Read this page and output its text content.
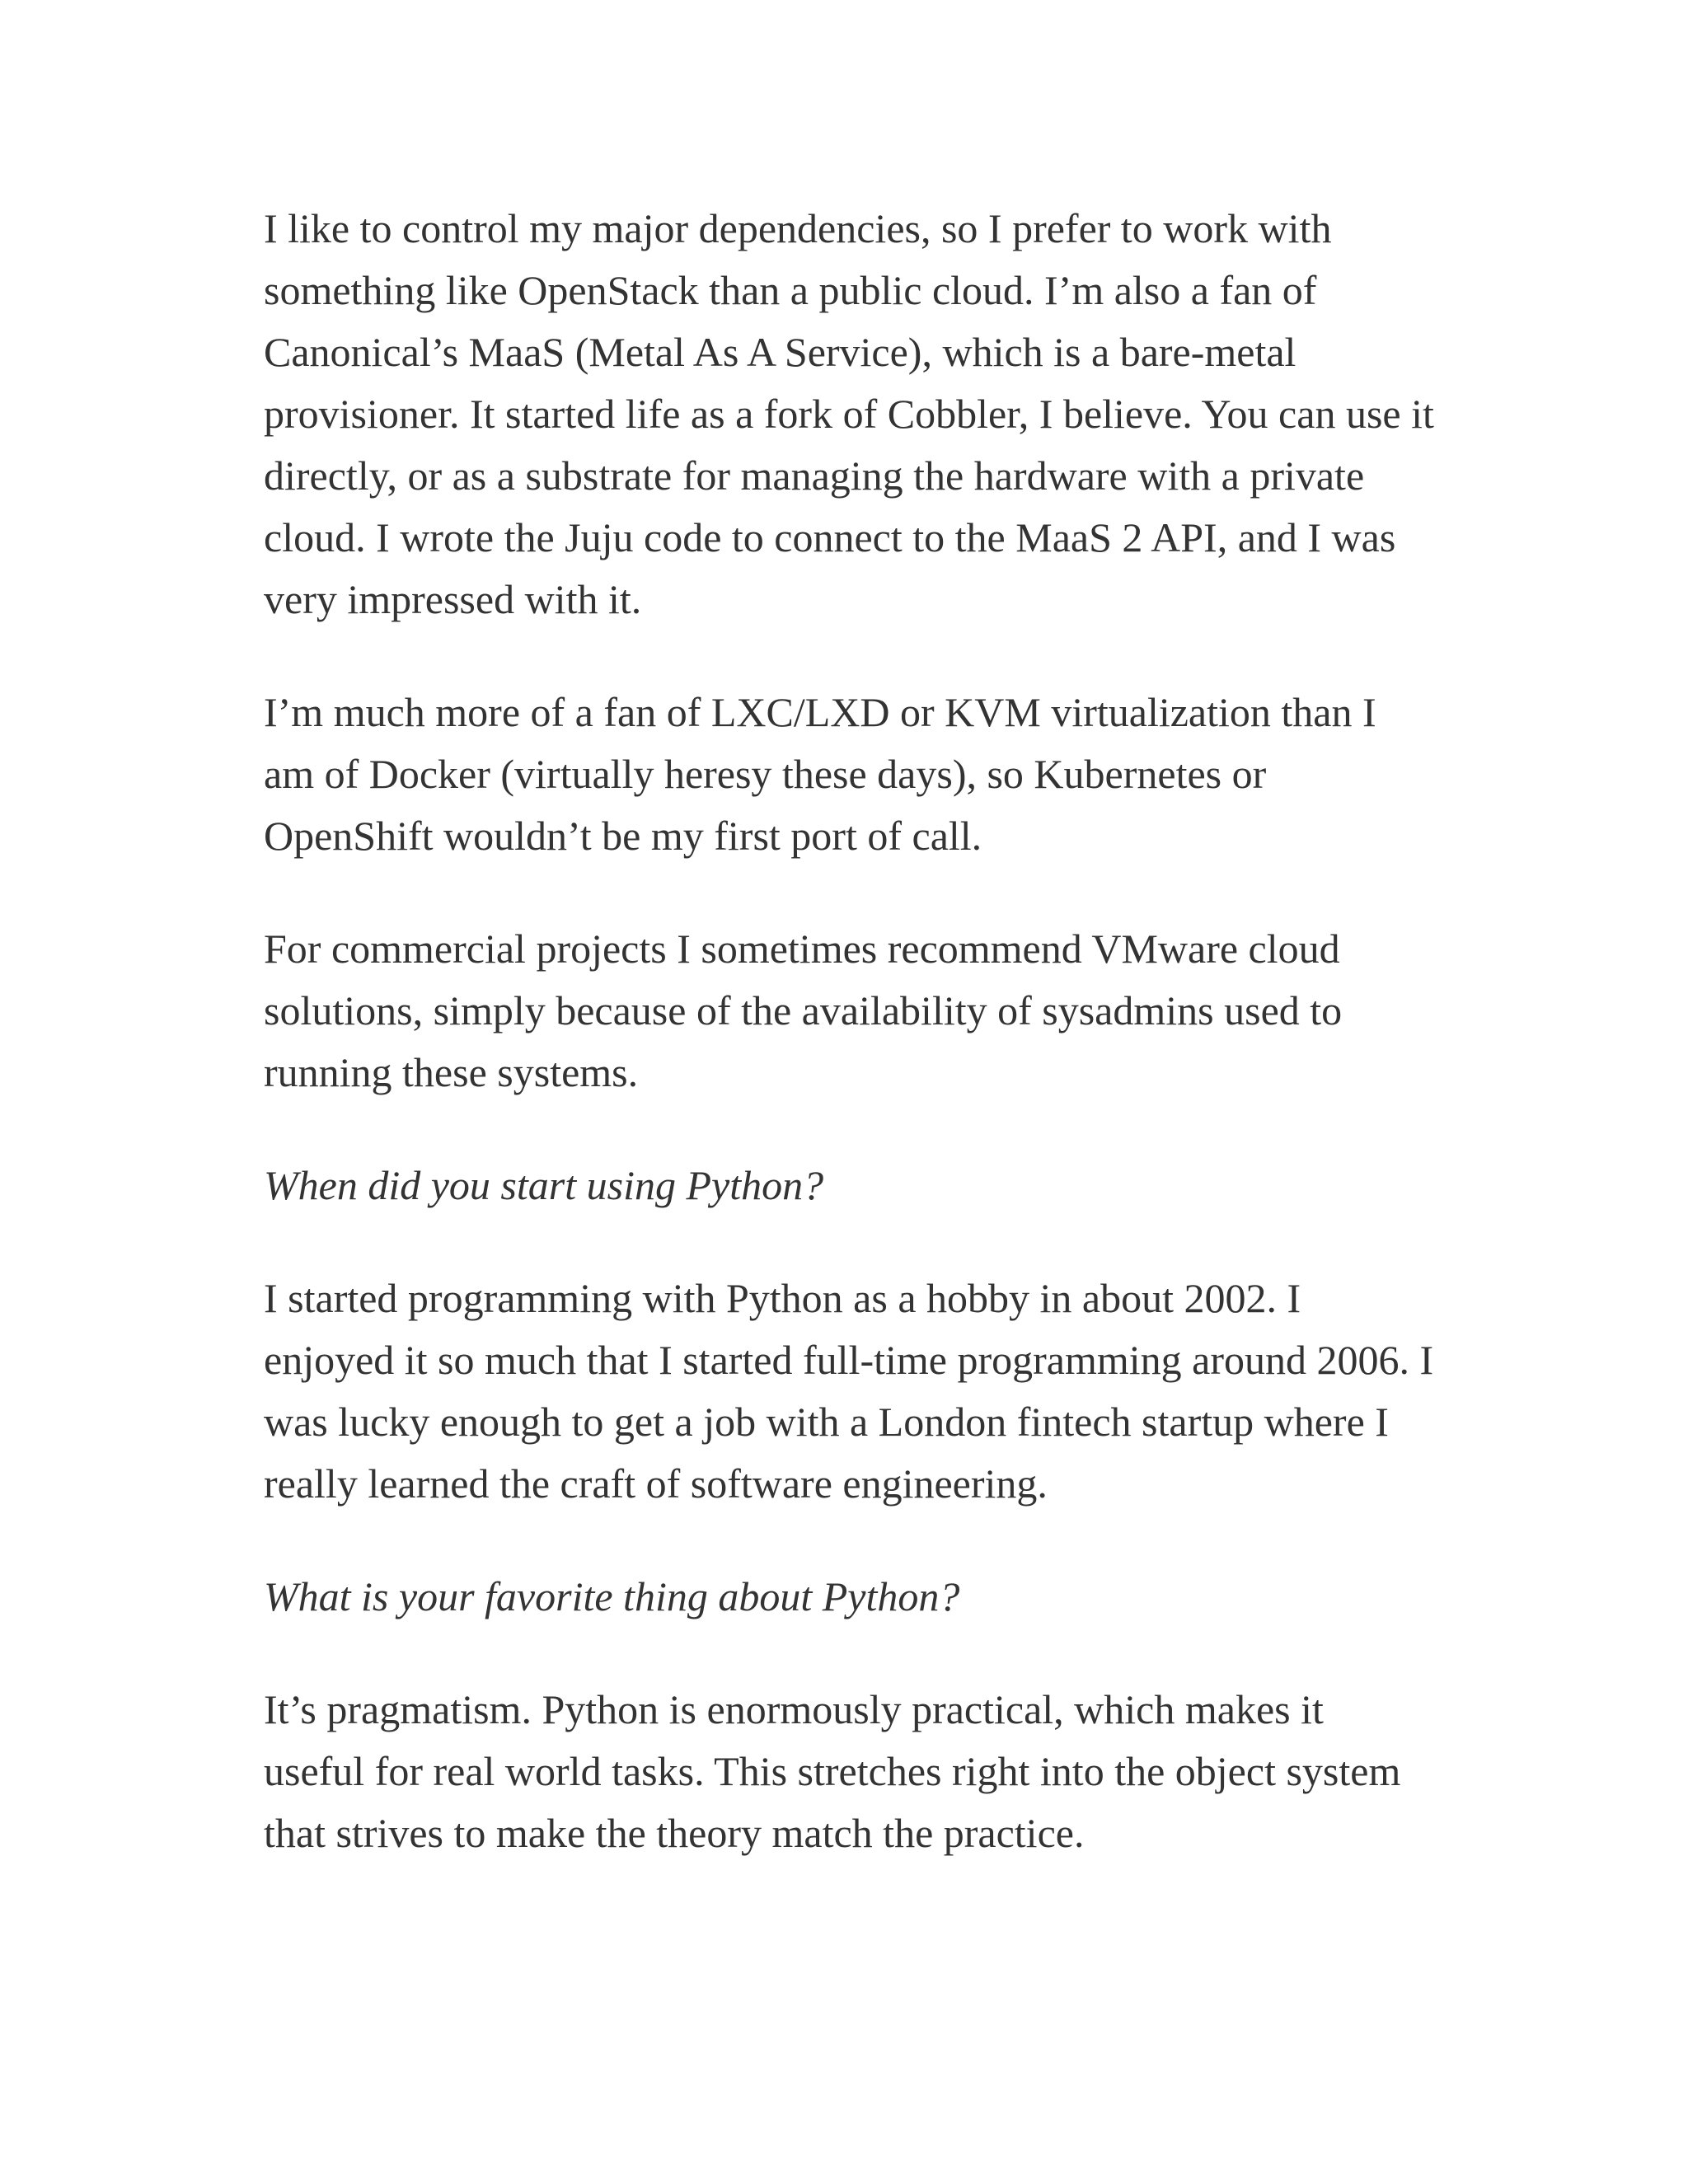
I like to control my major dependencies, so I prefer to work with something like OpenStack than a public cloud. I’m also a fan of Canonical’s MaaS (Metal As A Service), which is a bare-metal provisioner. It started life as a fork of Cobbler, I believe. You can use it directly, or as a substrate for managing the hardware with a private cloud. I wrote the Juju code to connect to the MaaS 2 API, and I was very impressed with it.

I’m much more of a fan of LXC/LXD or KVM virtualization than I am of Docker (virtually heresy these days), so Kubernetes or OpenShift wouldn’t be my first port of call.

For commercial projects I sometimes recommend VMware cloud solutions, simply because of the availability of sysadmins used to running these systems.

When did you start using Python?

I started programming with Python as a hobby in about 2002. I enjoyed it so much that I started full-time programming around 2006. I was lucky enough to get a job with a London fintech startup where I really learned the craft of software engineering.

What is your favorite thing about Python?

It’s pragmatism. Python is enormously practical, which makes it useful for real world tasks. This stretches right into the object system that strives to make the theory match the practice.
